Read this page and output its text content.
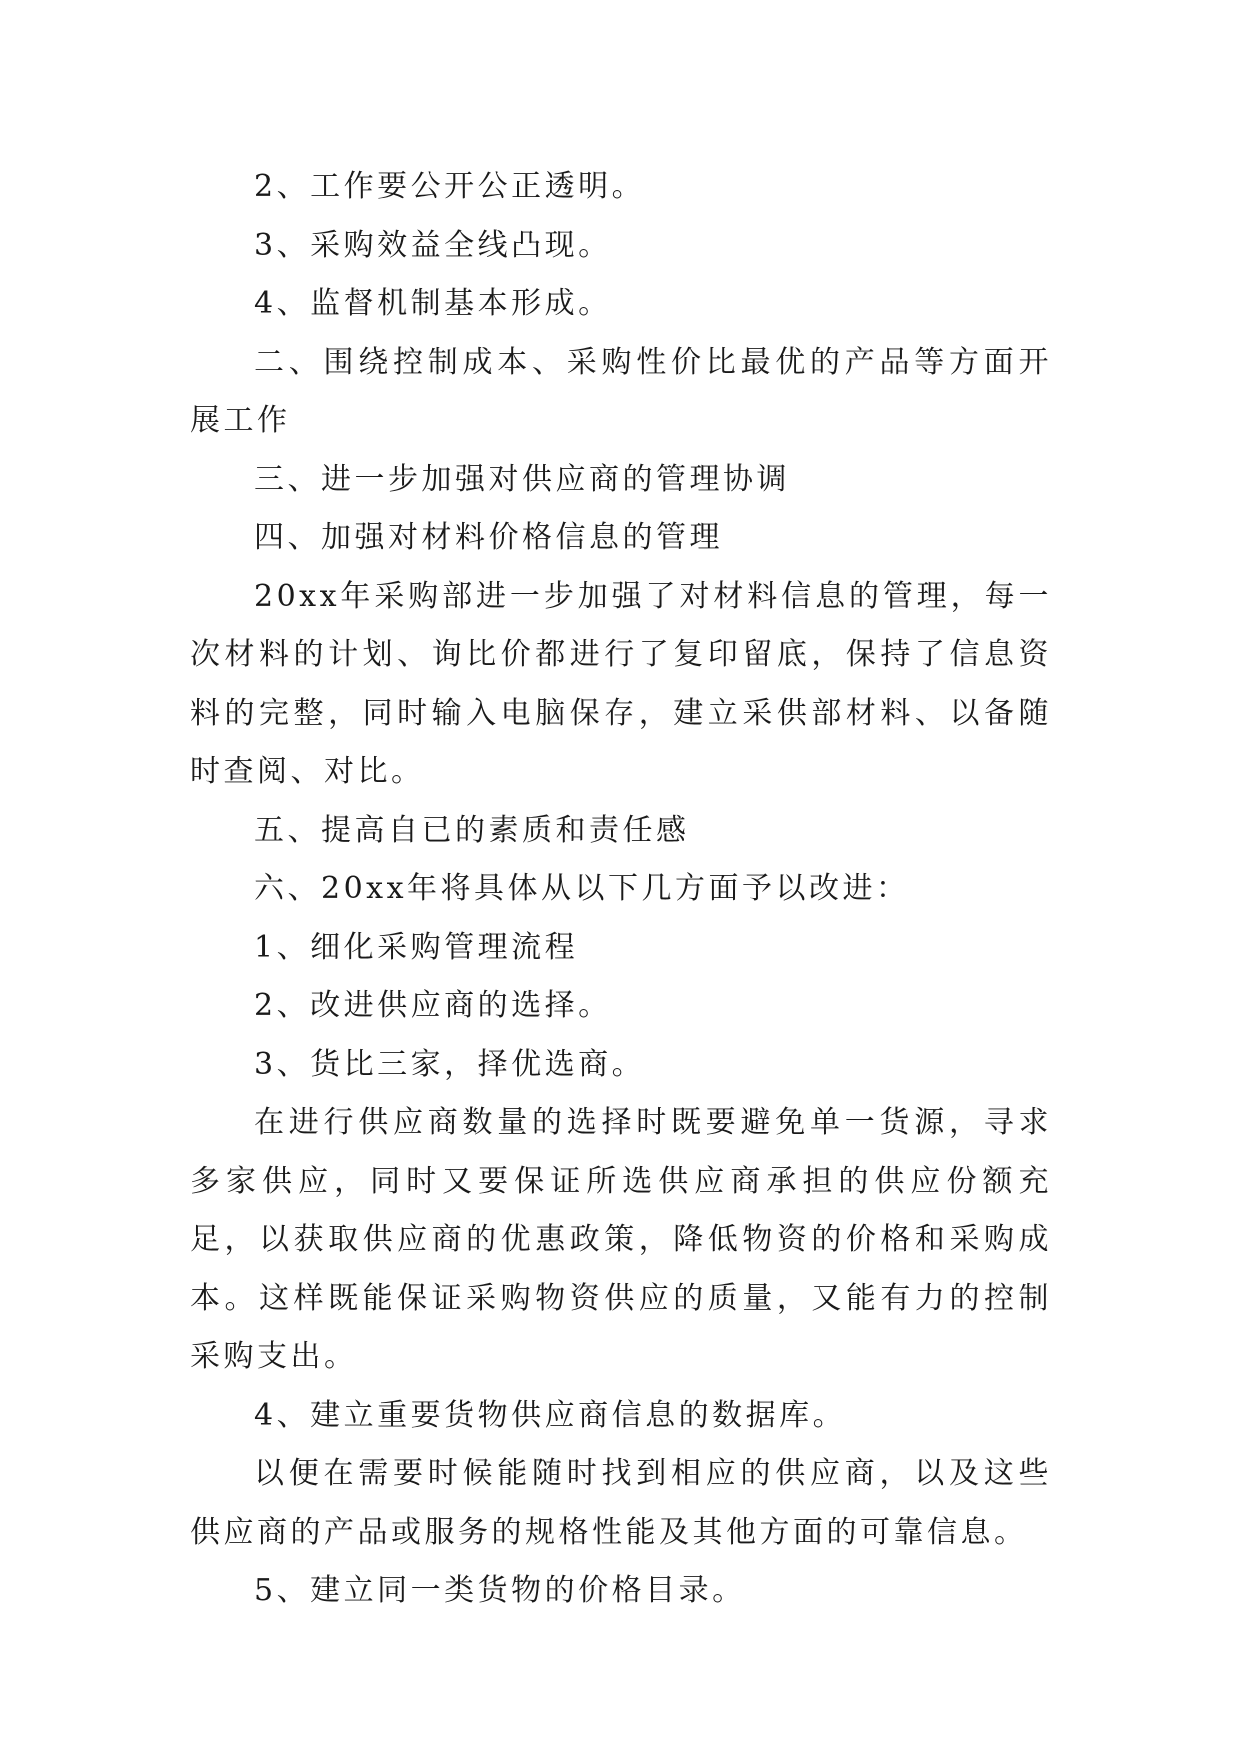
2、工作要公开公正透明。

3、采购效益全线凸现。

4、监督机制基本形成。

二、围绕控制成本、采购性价比最优的产品等方面开展工作

三、进一步加强对供应商的管理协调

四、加强对材料价格信息的管理

20xx年采购部进一步加强了对材料信息的管理，每一次材料的计划、询比价都进行了复印留底，保持了信息资料的完整，同时输入电脑保存，建立采供部材料、以备随时查阅、对比。

五、提高自已的素质和责任感

六、20xx年将具体从以下几方面予以改进：

1、细化采购管理流程

2、改进供应商的选择。

3、货比三家，择优选商。

在进行供应商数量的选择时既要避免单一货源，寻求多家供应，同时又要保证所选供应商承担的供应份额充足，以获取供应商的优惠政策，降低物资的价格和采购成本。这样既能保证采购物资供应的质量，又能有力的控制采购支出。

4、建立重要货物供应商信息的数据库。

以便在需要时候能随时找到相应的供应商，以及这些供应商的产品或服务的规格性能及其他方面的可靠信息。

5、建立同一类货物的价格目录。
